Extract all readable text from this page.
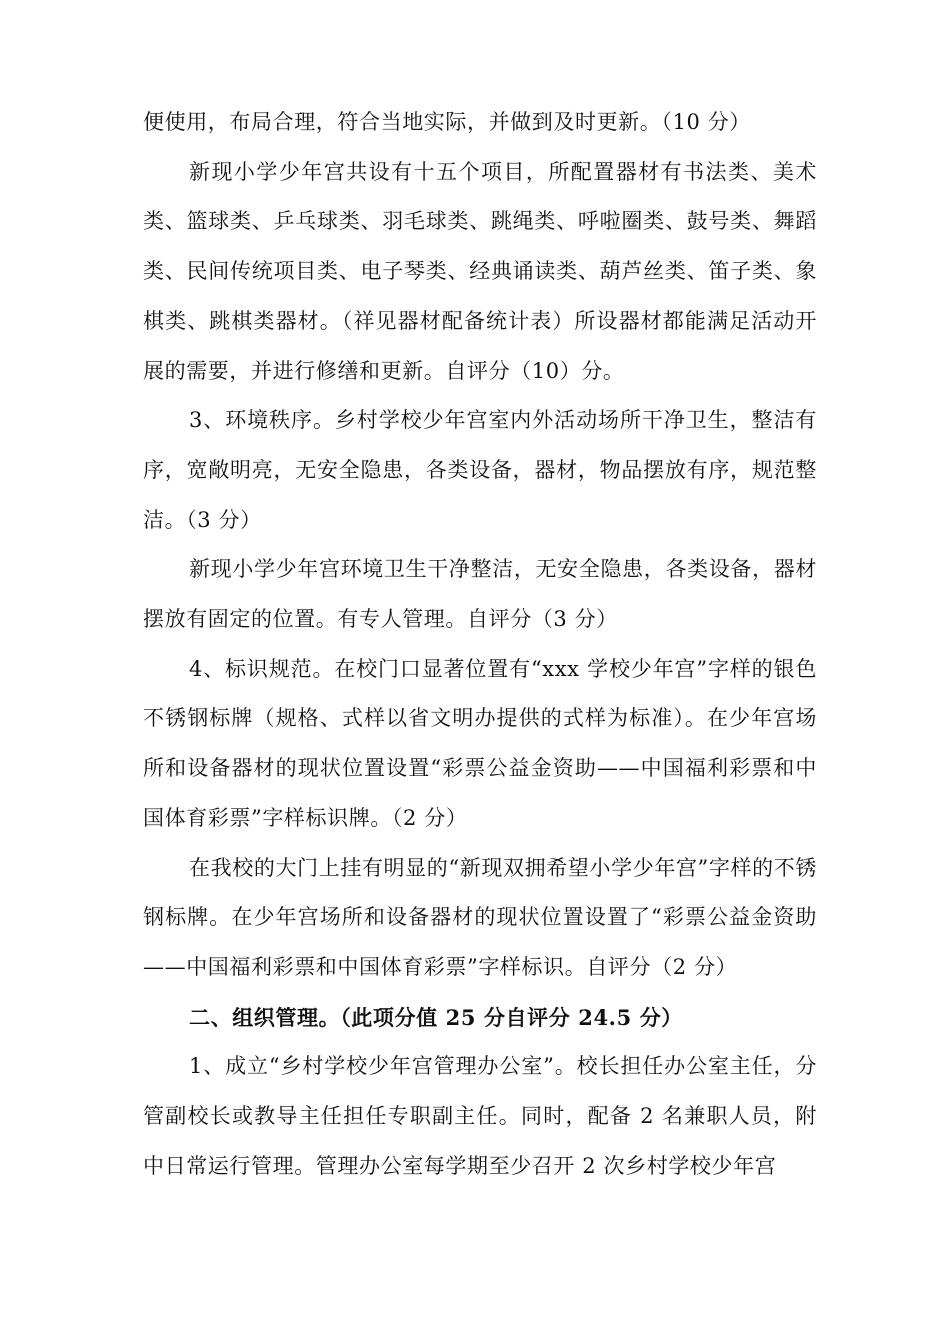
便使用，布局合理，符合当地实际，并做到及时更新。（10 分）

新现小学少年宫共设有十五个项目，所配置器材有书法类、美术类、篮球类、乒乓球类、羽毛球类、跳绳类、呼啦圈类、鼓号类、舞蹈类、民间传统项目类、电子琴类、经典诵读类、葫芦丝类、笛子类、象棋类、跳棋类器材。（祥见器材配备统计表）所设器材都能满足活动开展的需要，并进行修缮和更新。自评分（10）分。

3、环境秩序。乡村学校少年宫室内外活动场所干净卫生，整洁有序，宽敞明亮，无安全隐患，各类设备，器材，物品摆放有序，规范整洁。（3 分）

新现小学少年宫环境卫生干净整洁，无安全隐患，各类设备，器材摆放有固定的位置。有专人管理。自评分（3 分）

4、标识规范。在校门口显著位置有“xxx 学校少年宫”字样的银色不锈钢标牌（规格、式样以省文明办提供的式样为标准）。在少年宫场所和设备器材的现状位置设置“彩票公益金资助——中国福利彩票和中国体育彩票”字样标识牌。（2 分）

在我校的大门上挂有明显的“新现双拥希望小学少年宫”字样的不锈钢标牌。在少年宫场所和设备器材的现状位置设置了“彩票公益金资助——中国福利彩票和中国体育彩票”字样标识。自评分（2 分）

二、组织管理。（此项分值 25 分自评分 24.5 分）

1、成立“乡村学校少年宫管理办公室”。校长担任办公室主任，分管副校长或教导主任担任专职副主任。同时，配备 2 名兼职人员，附中日常运行管理。管理办公室每学期至少召开 2 次乡村学校少年宫
